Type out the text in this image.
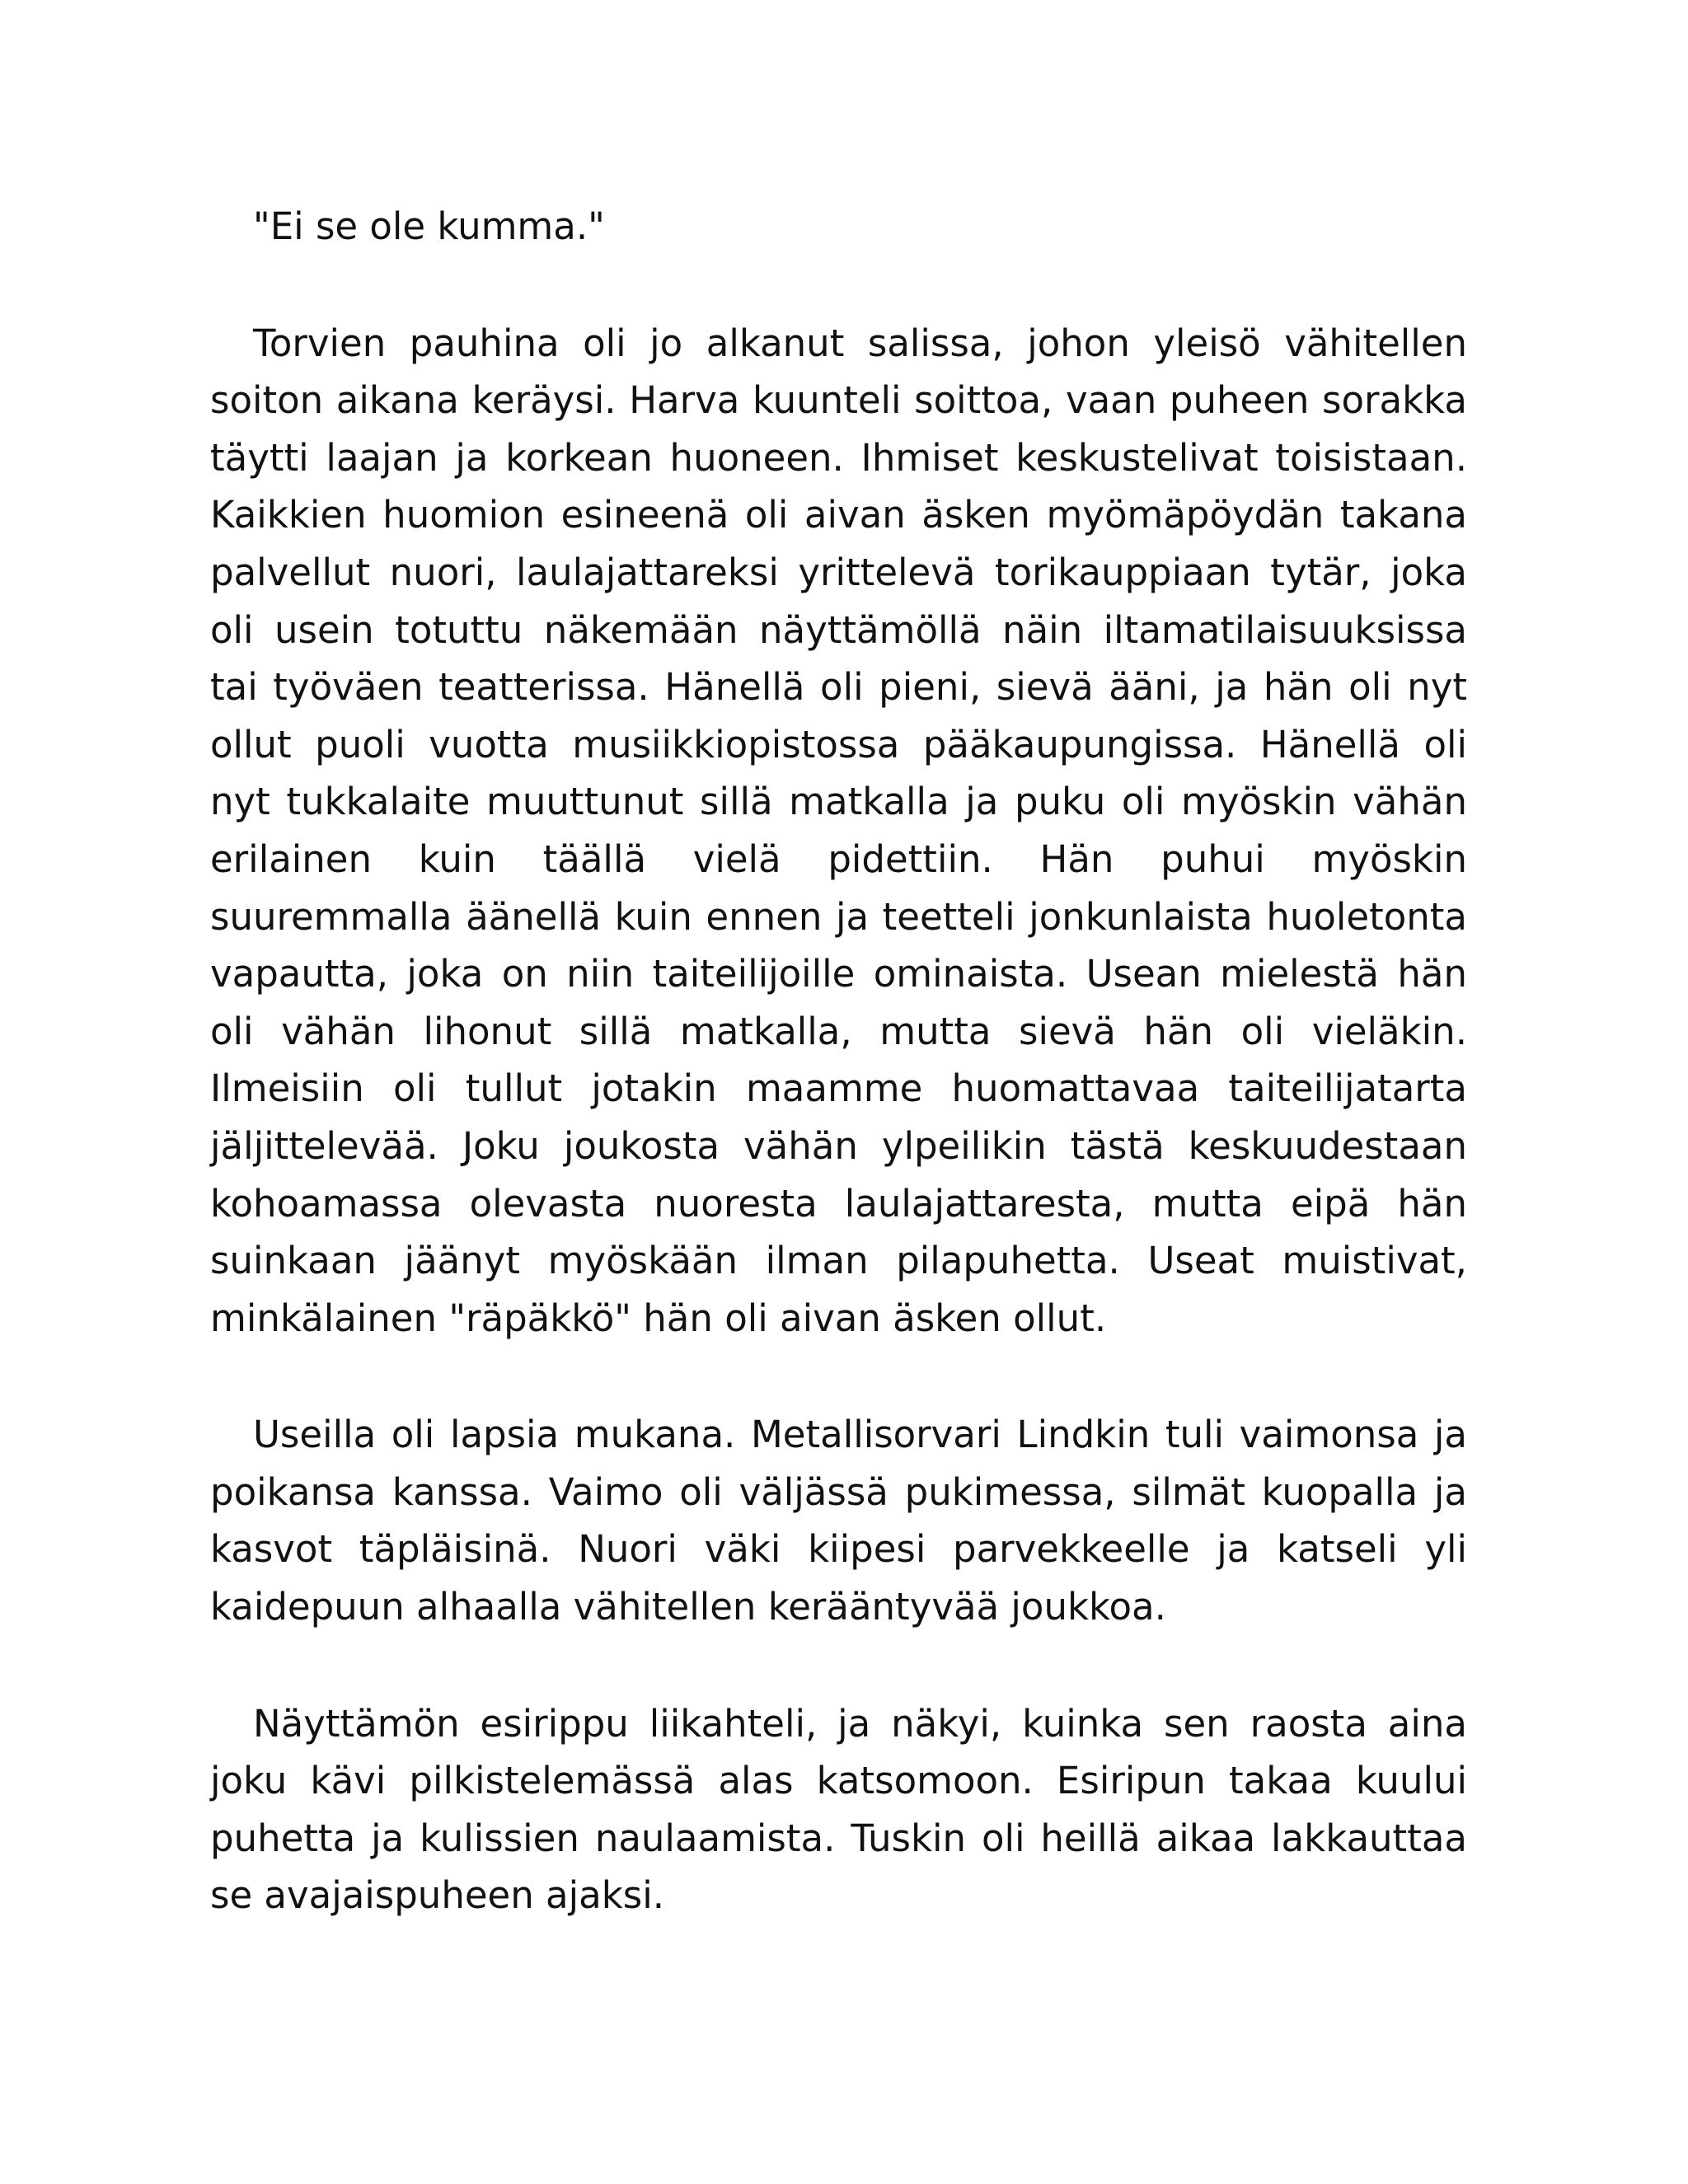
"Ei se ole kumma."

Torvien pauhina oli jo alkanut salissa, johon yleisö vähitellen soiton aikana keräysi. Harva kuunteli soittoa, vaan puheen sorakka täytti laajan ja korkean huoneen. Ihmiset keskustelivat toisistaan. Kaikkien huomion esineenä oli aivan äsken myömäpöydän takana palvellut nuori, laulajattareksi yrittelevä torikauppiaan tytär, joka oli usein totuttu näkemään näyttämöllä näin iltamatilaisuuksissa tai työväen teatterissa. Hänellä oli pieni, sievä ääni, ja hän oli nyt ollut puoli vuotta musiikkiopistossa pääkaupungissa. Hänellä oli nyt tukkalaite muuttunut sillä matkalla ja puku oli myöskin vähän erilainen kuin täällä vielä pidettiin. Hän puhui myöskin suuremmalla äänellä kuin ennen ja teetteli jonkunlaista huoletonta vapautta, joka on niin taiteilijoille ominaista. Usean mielestä hän oli vähän lihonut sillä matkalla, mutta sievä hän oli vieläkin. Ilmeisiin oli tullut jotakin maamme huomattavaa taiteilijatarta jäljittelevää. Joku joukosta vähän ylpeilikin tästä keskuudestaan kohoamassa olevasta nuoresta laulajattaresta, mutta eipä hän suinkaan jäänyt myöskään ilman pilapuhetta. Useat muistivat, minkälainen "räpäkkö" hän oli aivan äsken ollut.

Useilla oli lapsia mukana. Metallisorvari Lindkin tuli vaimonsa ja poikansa kanssa. Vaimo oli väljässä pukimessa, silmät kuopalla ja kasvot täpläisinä. Nuori väki kiipesi parvekkeelle ja katseli yli kaidepuun alhaalla vähitellen kerääntyvää joukkoa.

Näyttämön esirippu liikahteli, ja näkyi, kuinka sen raosta aina joku kävi pilkistelemässä alas katsomoon. Esiripun takaa kuului puhetta ja kulissien naulaamista. Tuskin oli heillä aikaa lakkauttaa se avajaispuheen ajaksi.
